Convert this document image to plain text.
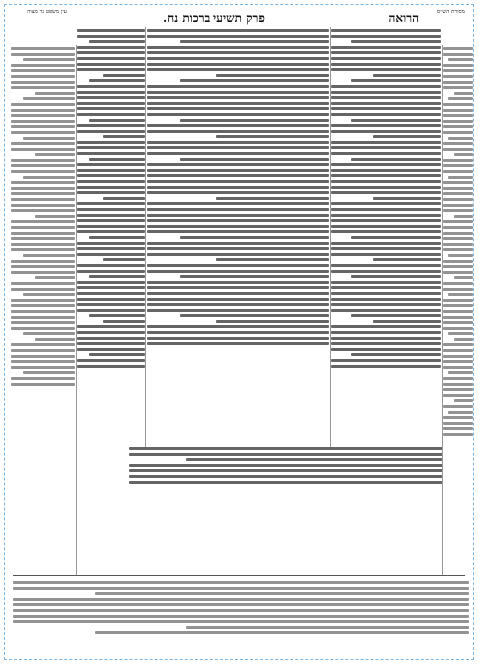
הרואה
פרק תשיעי
ברכות נח.	מסורת הש״ס
עין משפט נר מצוה
